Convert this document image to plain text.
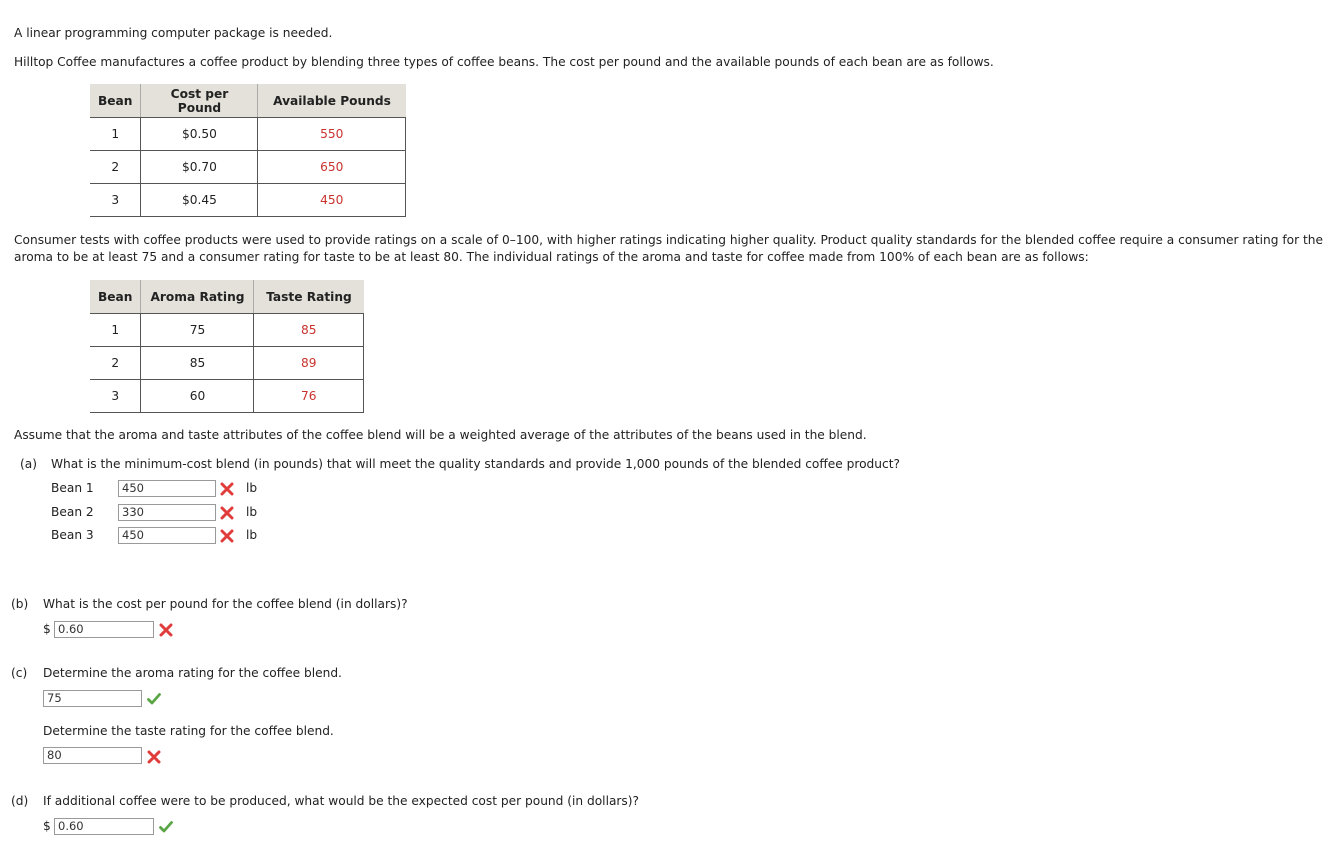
A linear programming computer package is needed.
Hilltop Coffee manufactures a coffee product by blending three types of coffee beans. The cost per pound and the available pounds of each bean are as follows.
Bean	Cost per Pound	Available Pounds
1	$0.50	550
2	$0.70	650
3	$0.45	450
Consumer tests with coffee products were used to provide ratings on a scale of 0–100, with higher ratings indicating higher quality. Product quality standards for the blended coffee require a consumer rating for the
aroma to be at least 75 and a consumer rating for taste to be at least 80. The individual ratings of the aroma and taste for coffee made from 100% of each bean are as follows:
Bean	Aroma Rating	Taste Rating
1	75	85
2	85	89
3	60	76
Assume that the aroma and taste attributes of the coffee blend will be a weighted average of the attributes of the beans used in the blend.
(a) What is the minimum-cost blend (in pounds) that will meet the quality standards and provide 1,000 pounds of the blended coffee product?
Bean 1	450	lb
Bean 2	330	lb
Bean 3	450	lb
(b) What is the cost per pound for the coffee blend (in dollars)?
$ 0.60
(c) Determine the aroma rating for the coffee blend.
75
Determine the taste rating for the coffee blend.
80
(d) If additional coffee were to be produced, what would be the expected cost per pound (in dollars)?
$ 0.60
